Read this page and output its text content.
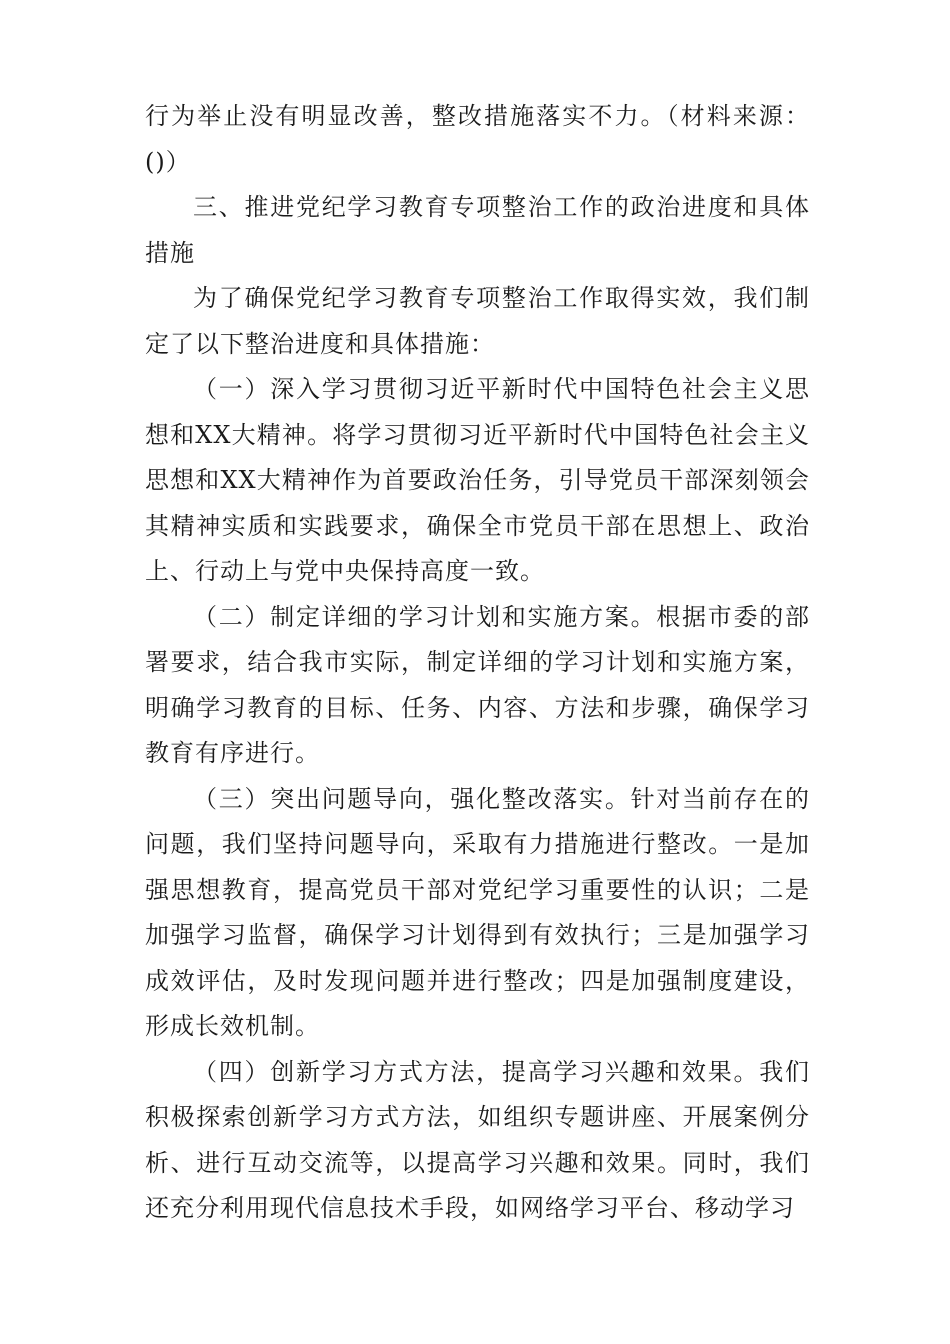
行为举止没有明显改善，整改措施落实不力。（材料来源：()）

三、推进党纪学习教育专项整治工作的政治进度和具体措施

为了确保党纪学习教育专项整治工作取得实效，我们制定了以下整治进度和具体措施：

（一）深入学习贯彻习近平新时代中国特色社会主义思想和XX大精神。将学习贯彻习近平新时代中国特色社会主义思想和XX大精神作为首要政治任务，引导党员干部深刻领会其精神实质和实践要求，确保全市党员干部在思想上、政治上、行动上与党中央保持高度一致。

（二）制定详细的学习计划和实施方案。根据市委的部署要求，结合我市实际，制定详细的学习计划和实施方案，明确学习教育的目标、任务、内容、方法和步骤，确保学习教育有序进行。

（三）突出问题导向，强化整改落实。针对当前存在的问题，我们坚持问题导向，采取有力措施进行整改。一是加强思想教育，提高党员干部对党纪学习重要性的认识；二是加强学习监督，确保学习计划得到有效执行；三是加强学习成效评估，及时发现问题并进行整改；四是加强制度建设，形成长效机制。

（四）创新学习方式方法，提高学习兴趣和效果。我们积极探索创新学习方式方法，如组织专题讲座、开展案例分析、进行互动交流等，以提高学习兴趣和效果。同时，我们还充分利用现代信息技术手段，如网络学习平台、移动学习
